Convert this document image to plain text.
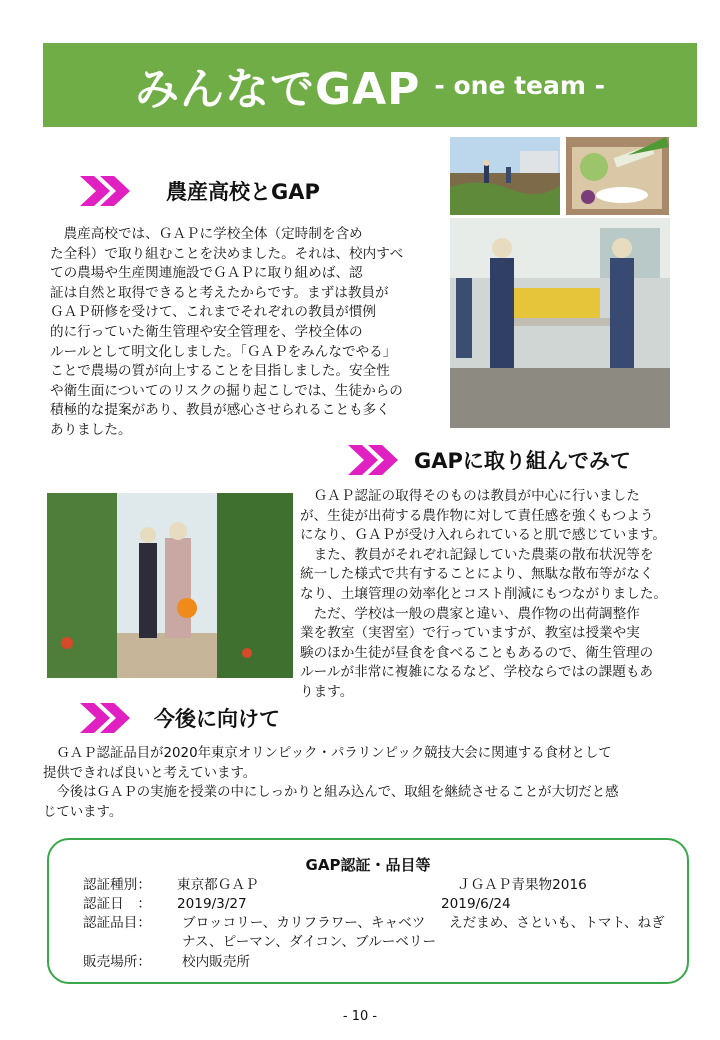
みんなでGAP - one team -
農産高校とGAP

　農産高校では、ＧＡＰに学校全体（定時制を含め

た全科）で取り組むことを決めました。それは、校内すべ

ての農場や生産関連施設でＧＡＰに取り組めば、認

証は自然と取得できると考えたからです。まずは教員が

ＧＡＰ研修を受けて、これまでそれぞれの教員が慣例

的に行っていた衛生管理や安全管理を、学校全体の

ルールとして明文化しました。「ＧＡＰをみんなでやる」

ことで農場の質が向上することを目指しました。安全性

や衛生面についてのリスクの掘り起こしでは、生徒からの

積極的な提案があり、教員が感心させられることも多く

ありました。

GAPに取り組んでみて

　ＧＡＰ認証の取得そのものは教員が中心に行いました

が、生徒が出荷する農作物に対して責任感を強くもつよう

になり、ＧＡＰが受け入れられていると肌で感じています。

　また、教員がそれぞれ記録していた農薬の散布状況等を

統一した様式で共有することにより、無駄な散布等がなく

なり、土壌管理の効率化とコスト削減にもつながりました。

　ただ、学校は一般の農家と違い、農作物の出荷調整作

業を教室（実習室）で行っていますが、教室は授業や実

験のほか生徒が昼食を食べることもあるので、衛生管理の

ルールが非常に複雑になるなど、学校ならではの課題もあ

ります。

今後に向けて

　ＧＡＰ認証品目が2020年東京オリンピック・パラリンピック競技大会に関連する食材として

提供できれば良いと考えています。

　今後はＧＡＰの実施を授業の中にしっかりと組み込んで、取組を継続させることが大切だと感

じています。

GAP認証・品目等
認証種別： 東京都ＧＡＰ	ＪＧＡＰ青果物2016
認証日　： 2019/3/27	2019/6/24
認証品目： ブロッコリー、カリフラワー、キャベツ えだまめ、さといも、トマト、ねぎ
ナス、ピーマン、ダイコン、ブルーベリー
販売場所： 校内販売所
- 10 -
